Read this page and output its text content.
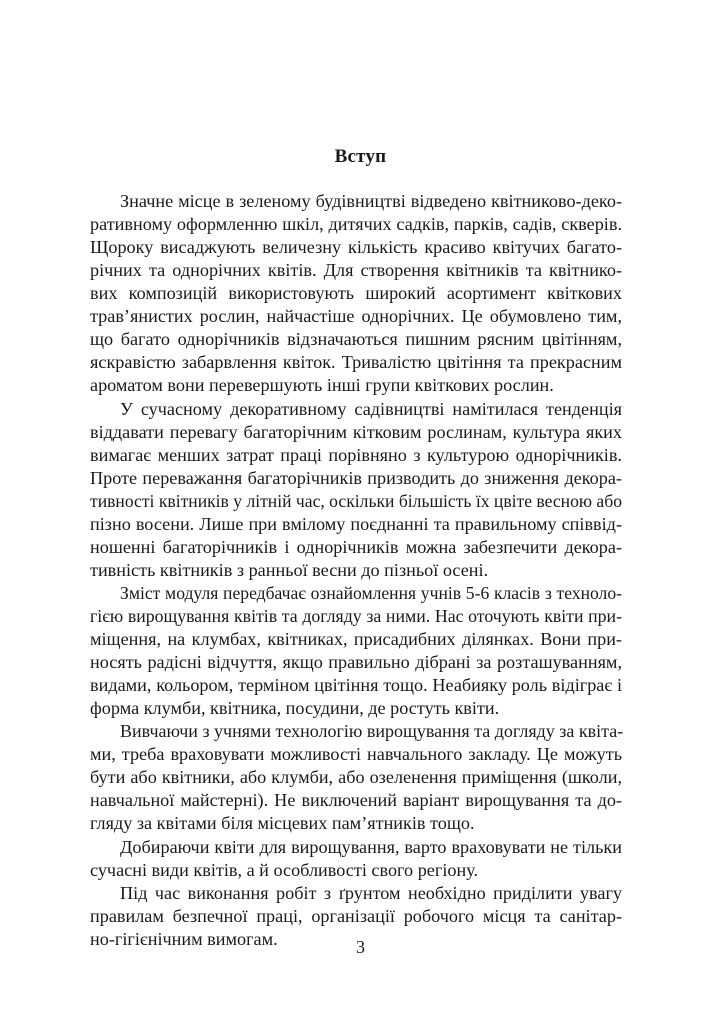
Вступ

Значне місце в зеленому будівництві відведено квітниково-деко-

ративному оформленню шкіл, дитячих садків, парків, садів, скверів.

Щороку висаджують величезну кількість красиво квітучих багато-

річних та однорічних квітів. Для створення квітників та квітнико-

вих композицій використовують широкий асортимент квіткових

трав’янистих рослин, найчастіше однорічних. Це обумовлено тим,

що багато однорічників відзначаються пишним рясним цвітінням,

яскравістю забарвлення квіток. Тривалістю цвітіння та прекрасним

ароматом вони перевершують інші групи квіткових рослин.

У сучасному декоративному садівництві намітилася тенденція

віддавати перевагу багаторічним кітковим рослинам, культура яких

вимагає менших затрат праці порівняно з культурою однорічників.

Проте переважання багаторічників призводить до зниження декора-

тивності квітників у літній час, оскільки більшість їх цвіте весною або

пізно восени. Лише при вмілому поєднанні та правильному співвід-

ношенні багаторічників і однорічників можна забезпечити декора-

тивність квітників з ранньої весни до пізньої осені.

Зміст модуля передбачає ознайомлення учнів 5-6 класів з техноло-

гією вирощування квітів та догляду за ними. Нас оточують квіти при-

міщення, на клумбах, квітниках, присадибних ділянках. Вони при-

носять радісні відчуття, якщо правильно дібрані за розташуванням,

видами, кольором, терміном цвітіння тощо. Неабияку роль відіграє і

форма клумби, квітника, посудини, де ростуть квіти.

Вивчаючи з учнями технологію вирощування та догляду за квіта-

ми, треба враховувати можливості навчального закладу. Це можуть

бути або квітники, або клумби, або озеленення приміщення (школи,

навчальної майстерні). Не виключений варіант вирощування та до-

гляду за квітами біля місцевих пам’ятників тощо.

Добираючи квіти для вирощування, варто враховувати не тільки

сучасні види квітів, а й особливості свого регіону.

Під час виконання робіт з ґрунтом необхідно приділити увагу

правилам безпечної праці, організації робочого місця та санітар-

но-гігієнічним вимогам.	3
